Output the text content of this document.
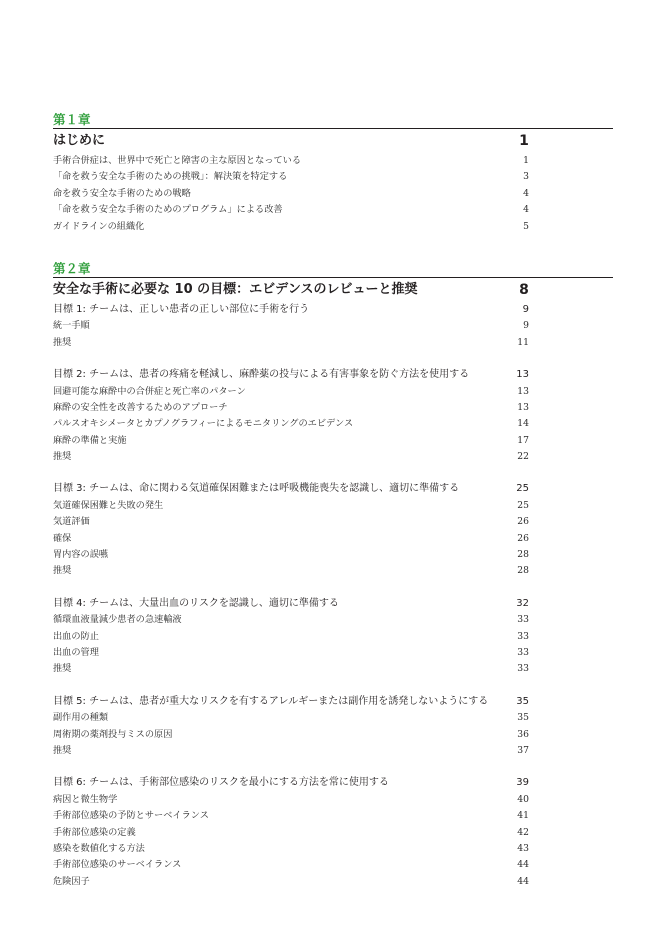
第１章
はじめに	1
手術合併症は、世界中で死亡と障害の主な原因となっている	1
「命を救う安全な手術のための挑戦」：解決策を特定する	3
命を救う安全な手術のための戦略	4
「命を救う安全な手術のためのプログラム」による改善	4
ガイドラインの組織化	5
第２章
安全な手術に必要な 10 の目標：エビデンスのレビューと推奨	8
目標 1: チームは、正しい患者の正しい部位に手術を行う	9
統一手順	9
推奨	11
目標 2: チームは、患者の疼痛を軽減し、麻酔薬の投与による有害事象を防ぐ方法を使用する	13
回避可能な麻酔中の合併症と死亡率のパターン	13
麻酔の安全性を改善するためのアプローチ	13
パルスオキシメータとカプノグラフィーによるモニタリングのエビデンス	14
麻酔の準備と実施	17
推奨	22
目標 3: チームは、命に関わる気道確保困難または呼吸機能喪失を認識し、適切に準備する	25
気道確保困難と失敗の発生	25
気道評価	26
確保	26
胃内容の誤嚥	28
推奨	28
目標 4: チームは、大量出血のリスクを認識し、適切に準備する	32
循環血液量減少患者の急速輸液	33
出血の防止	33
出血の管理	33
推奨	33
目標 5: チームは、患者が重大なリスクを有するアレルギーまたは副作用を誘発しないようにする	35
副作用の種類	35
周術期の薬剤投与ミスの原因	36
推奨	37
目標 6: チームは、手術部位感染のリスクを最小にする方法を常に使用する	39
病因と微生物学	40
手術部位感染の予防とサーベイランス	41
手術部位感染の定義	42
感染を数値化する方法	43
手術部位感染のサーベイランス	44
危険因子	44
